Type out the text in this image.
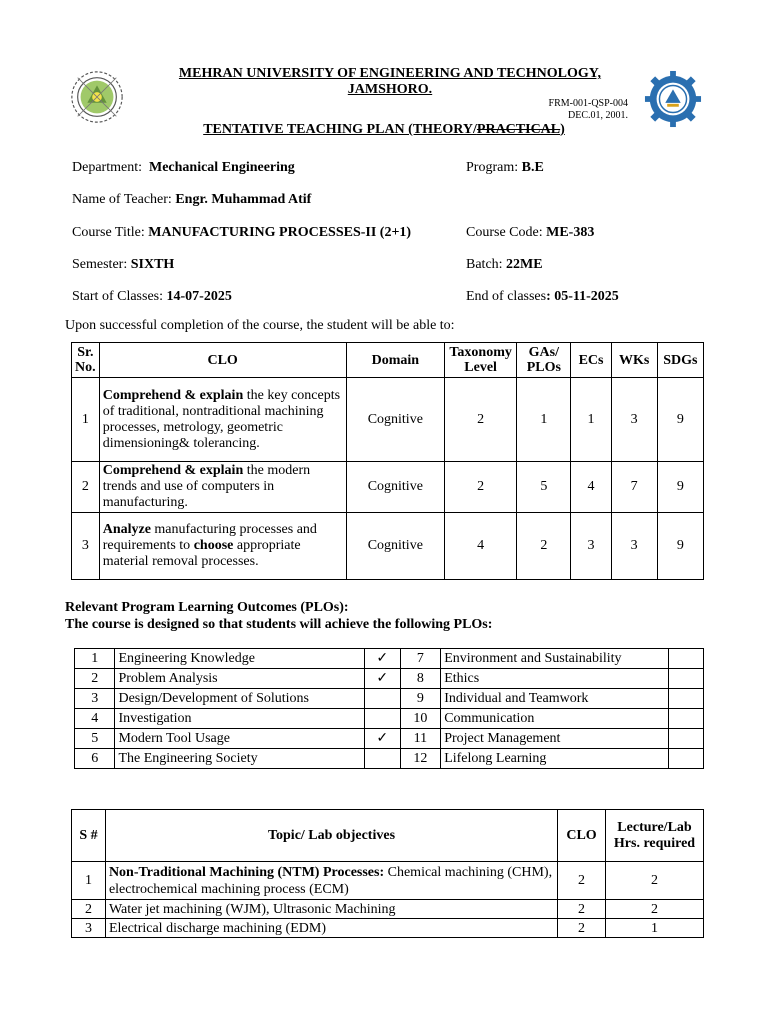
MEHRAN UNIVERSITY OF ENGINEERING AND TECHNOLOGY,
JAMSHORO.
FRM-001-QSP-004
DEC.01, 2001.
TENTATIVE TEACHING PLAN (THEORY/PRACTICAL)
Department: Mechanical Engineering	Program: B.E
Name of Teacher: Engr. Muhammad Atif
Course Title: MANUFACTURING PROCESSES-II (2+1)	Course Code: ME-383
Semester: SIXTH	Batch: 22ME
Start of Classes: 14-07-2025	End of classes: 05-11-2025
Upon successful completion of the course, the student will be able to:
Sr. No.	CLO	Domain	Taxonomy Level	GAs/ PLOs	ECs	WKs	SDGs
1	Comprehend & explain the key concepts of traditional, nontraditional machining processes, metrology, geometric dimensioning& tolerancing.	Cognitive	2	1	1	3	9
2	Comprehend & explain the modern trends and use of computers in manufacturing.	Cognitive	2	5	4	7	9
3	Analyze manufacturing processes and requirements to choose appropriate material removal processes.	Cognitive	4	2	3	3	9
Relevant Program Learning Outcomes (PLOs):
The course is designed so that students will achieve the following PLOs:
1	Engineering Knowledge	✓	7	Environment and Sustainability	
2	Problem Analysis	✓	8	Ethics	
3	Design/Development of Solutions		9	Individual and Teamwork	
4	Investigation		10	Communication	
5	Modern Tool Usage	✓	11	Project Management	
6	The Engineering Society		12	Lifelong Learning	
S #	Topic/ Lab objectives	CLO	Lecture/Lab Hrs. required
1	Non-Traditional Machining (NTM) Processes: Chemical machining (CHM), electrochemical machining process (ECM)	2	2
2	Water jet machining (WJM), Ultrasonic Machining	2	2
3	Electrical discharge machining (EDM)	2	1
